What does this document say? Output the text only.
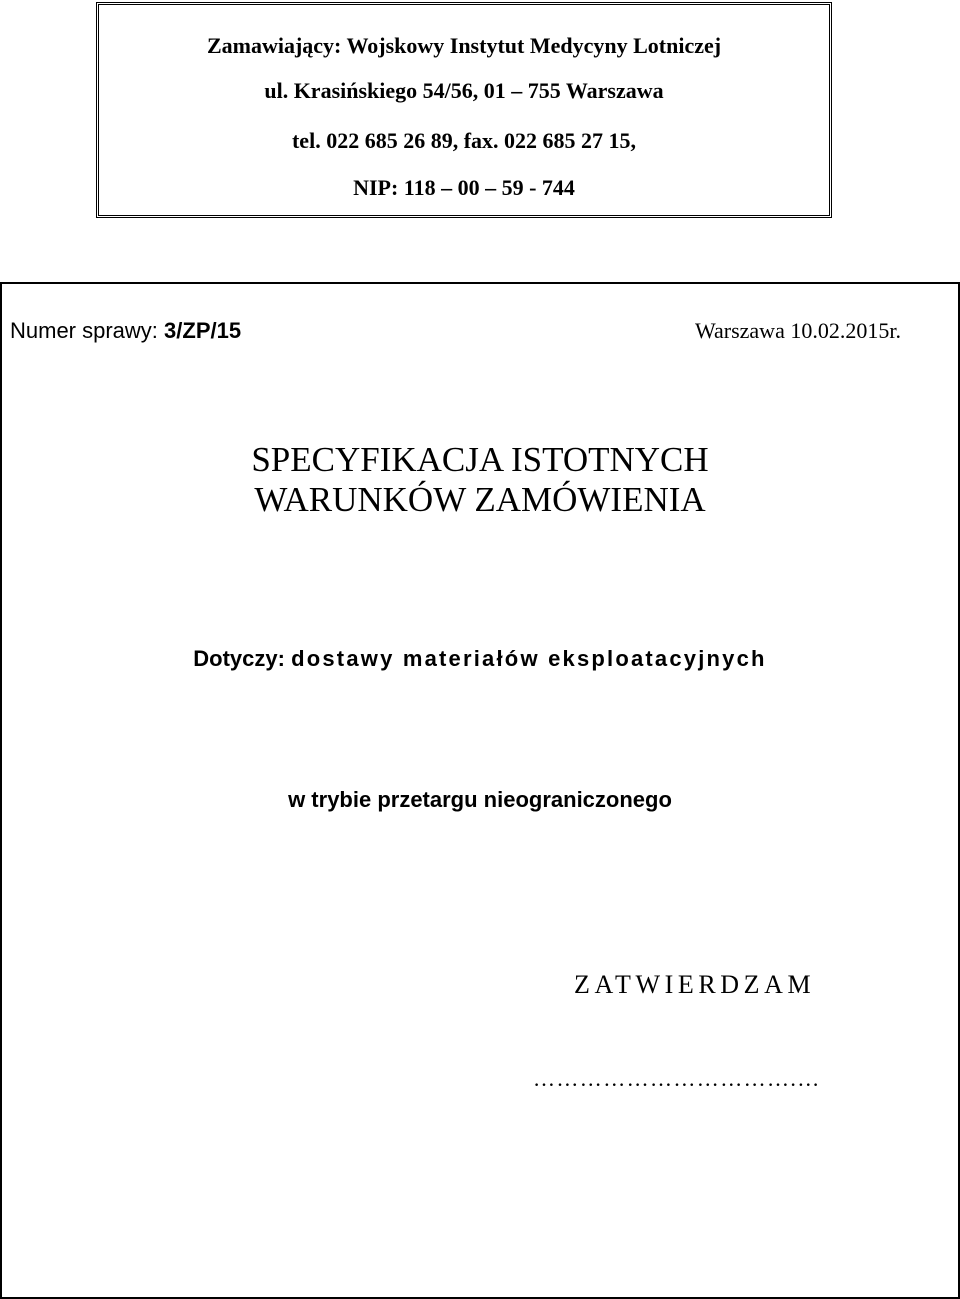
Zamawiający: Wojskowy Instytut Medycyny Lotniczej
ul. Krasińskiego 54/56, 01 – 755 Warszawa
tel. 022 685 26 89, fax. 022 685 27 15,
NIP: 118 – 00 – 59 - 744
Numer sprawy: 3/ZP/15	Warszawa 10.02.2015r.
SPECYFIKACJA ISTOTNYCH
WARUNKÓW ZAMÓWIENIA
Dotyczy: dostawy materiałów eksploatacyjnych
w trybie przetargu nieograniczonego
ZATWIERDZAM
…………………………….…
